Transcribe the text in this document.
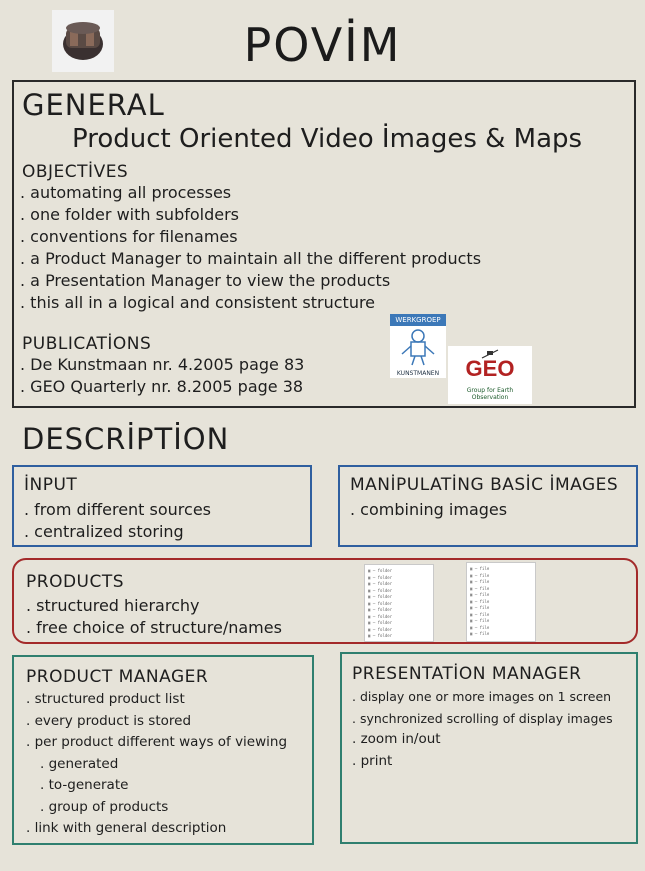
POVİM
GENERAL
Product Oriented Video İmages & Maps
OBJECTİVES
. automating all processes
. one folder with subfolders
. conventions for filenames
. a Product Manager to maintain all the different products
. a Presentation Manager to view the products
. this all in a logical and consistent structure
PUBLICATİONS
. De Kunstmaan nr. 4.2005 page 83
. GEO Quarterly nr. 8.2005 page 38
WERKGROEP
KUNSTMANEN	GEO
Group for Earth Observation
DESCRİPTİON
İNPUT
. from different sources
. centralized storing
MANİPULATİNG BASİC İMAGES
. combining images
PRODUCTS
. structured hierarchy
. free choice of structure/names
▣ ─ folder
▣ ─ folder
▣ ─ folder
▣ ─ folder
▣ ─ folder
▣ ─ folder
▣ ─ folder
▣ ─ folder
▣ ─ folder
▣ ─ folder
▣ ─ folder
▣ ─ file
▣ ─ file
▣ ─ file
▣ ─ file
▣ ─ file
▣ ─ file
▣ ─ file
▣ ─ file
▣ ─ file
▣ ─ file
▣ ─ file
PRODUCT MANAGER
. structured product list
. every product is stored
. per product different ways of viewing
. generated
. to-generate
. group of products
. link with general description
PRESENTATİON MANAGER
. display one or more images on 1 screen
. synchronized scrolling of display images
. zoom in/out
. print
